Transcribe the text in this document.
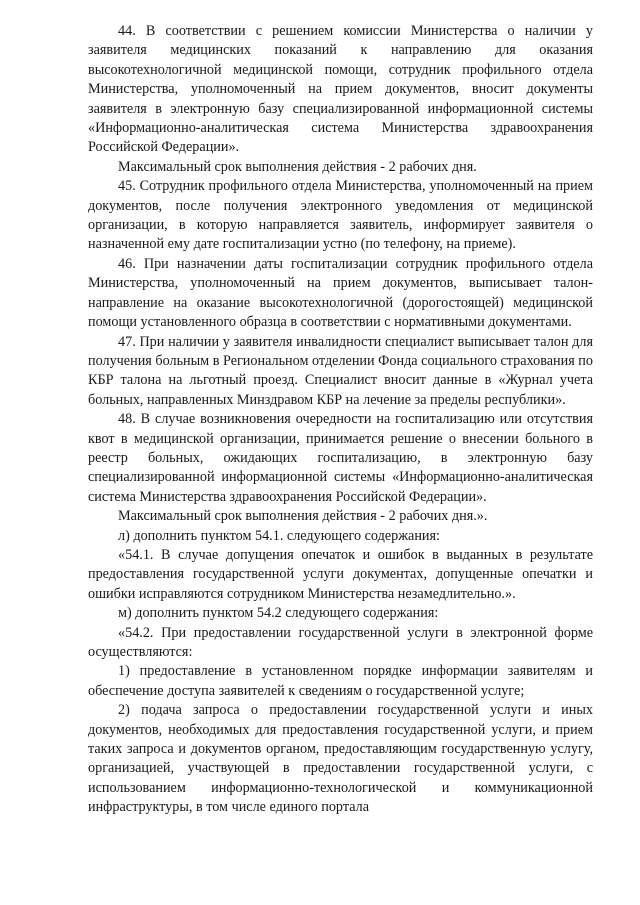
44. В соответствии с решением комиссии Министерства о наличии у заявителя медицинских показаний к направлению для оказания высокотехнологичной медицинской помощи, сотрудник профильного отдела Министерства, уполномоченный на прием документов, вносит документы заявителя в электронную базу специализированной информационной системы «Информационно-аналитическая система Министерства здравоохранения Российской Федерации».

Максимальный срок выполнения действия - 2 рабочих дня.

45. Сотрудник профильного отдела Министерства, уполномоченный на прием документов, после получения электронного уведомления от медицинской организации, в которую направляется заявитель, информирует заявителя о назначенной ему дате госпитализации устно (по телефону, на приеме).

46. При назначении даты госпитализации сотрудник профильного отдела Министерства, уполномоченный на прием документов, выписывает талон-направление на оказание высокотехнологичной (дорогостоящей) медицинской помощи установленного образца в соответствии с нормативными документами.

47. При наличии у заявителя инвалидности специалист выписывает талон для получения больным в Региональном отделении Фонда социального страхования по КБР талона на льготный проезд. Специалист вносит данные в «Журнал учета больных, направленных Минздравом КБР на лечение за пределы республики».

48. В случае возникновения очередности на госпитализацию или отсутствия квот в медицинской организации, принимается решение о внесении больного в реестр больных, ожидающих госпитализацию, в электронную базу специализированной информационной системы «Информационно-аналитическая система Министерства здравоохранения Российской Федерации».

Максимальный срок выполнения действия - 2 рабочих дня.».

л) дополнить пунктом 54.1. следующего содержания:

«54.1. В случае допущения опечаток и ошибок в выданных в результате предоставления государственной услуги документах, допущенные опечатки и ошибки исправляются сотрудником Министерства незамедлительно.».

м) дополнить пунктом 54.2 следующего содержания:

«54.2. При предоставлении государственной услуги в электронной форме осуществляются:

1) предоставление в установленном порядке информации заявителям и обеспечение доступа заявителей к сведениям о государственной услуге;

2) подача запроса о предоставлении государственной услуги и иных документов, необходимых для предоставления государственной услуги, и прием таких запроса и документов органом, предоставляющим государственную услугу, организацией, участвующей в предоставлении государственной услуги, с использованием информационно-технологической и коммуникационной инфраструктуры, в том числе единого портала
